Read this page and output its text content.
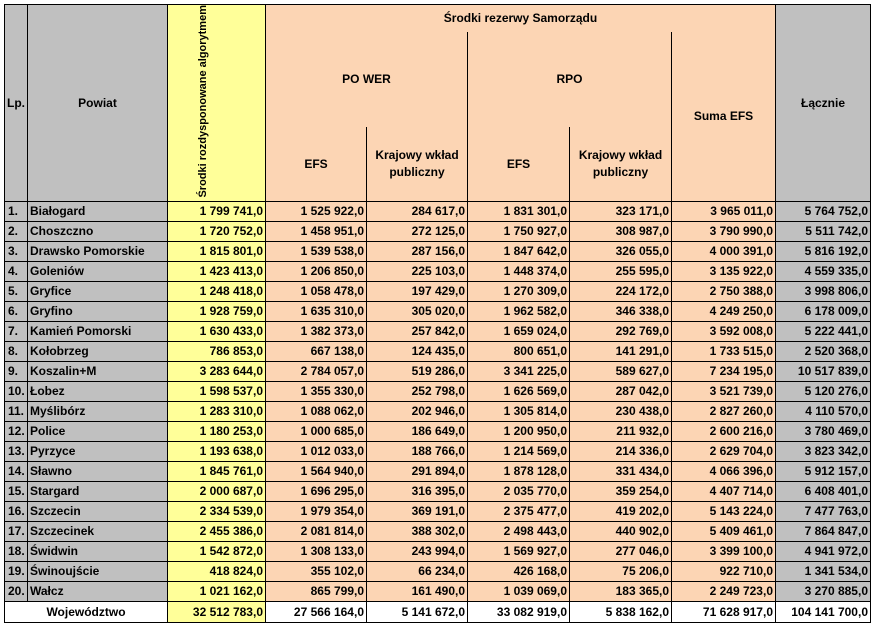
Lp.	Powiat	Środki rozdysponowane algorytmem	Środki rezerwy Samorządu					Łącznie
			PO WER		RPO		Suma EFS	
			EFS	Krajowy wkład publiczny	EFS	Krajowy wkład publiczny		
1.	Białogard	1 799 741,0	1 525 922,0	284 617,0	1 831 301,0	323 171,0	3 965 011,0	5 764 752,0
2.	Choszczno	1 720 752,0	1 458 951,0	272 125,0	1 750 927,0	308 987,0	3 790 990,0	5 511 742,0
3.	Drawsko Pomorskie	1 815 801,0	1 539 538,0	287 156,0	1 847 642,0	326 055,0	4 000 391,0	5 816 192,0
4.	Goleniów	1 423 413,0	1 206 850,0	225 103,0	1 448 374,0	255 595,0	3 135 922,0	4 559 335,0
5.	Gryfice	1 248 418,0	1 058 478,0	197 429,0	1 270 309,0	224 172,0	2 750 388,0	3 998 806,0
6.	Gryfino	1 928 759,0	1 635 310,0	305 020,0	1 962 582,0	346 338,0	4 249 250,0	6 178 009,0
7.	Kamień Pomorski	1 630 433,0	1 382 373,0	257 842,0	1 659 024,0	292 769,0	3 592 008,0	5 222 441,0
8.	Kołobrzeg	786 853,0	667 138,0	124 435,0	800 651,0	141 291,0	1 733 515,0	2 520 368,0
9.	Koszalin+M	3 283 644,0	2 784 057,0	519 286,0	3 341 225,0	589 627,0	7 234 195,0	10 517 839,0
10.	Łobez	1 598 537,0	1 355 330,0	252 798,0	1 626 569,0	287 042,0	3 521 739,0	5 120 276,0
11.	Myślibórz	1 283 310,0	1 088 062,0	202 946,0	1 305 814,0	230 438,0	2 827 260,0	4 110 570,0
12.	Police	1 180 253,0	1 000 685,0	186 649,0	1 200 950,0	211 932,0	2 600 216,0	3 780 469,0
13.	Pyrzyce	1 193 638,0	1 012 033,0	188 766,0	1 214 569,0	214 336,0	2 629 704,0	3 823 342,0
14.	Sławno	1 845 761,0	1 564 940,0	291 894,0	1 878 128,0	331 434,0	4 066 396,0	5 912 157,0
15.	Stargard	2 000 687,0	1 696 295,0	316 395,0	2 035 770,0	359 254,0	4 407 714,0	6 408 401,0
16.	Szczecin	2 334 539,0	1 979 354,0	369 191,0	2 375 477,0	419 202,0	5 143 224,0	7 477 763,0
17.	Szczecinek	2 455 386,0	2 081 814,0	388 302,0	2 498 443,0	440 902,0	5 409 461,0	7 864 847,0
18.	Świdwin	1 542 872,0	1 308 133,0	243 994,0	1 569 927,0	277 046,0	3 399 100,0	4 941 972,0
19.	Świnoujście	418 824,0	355 102,0	66 234,0	426 168,0	75 206,0	922 710,0	1 341 534,0
20.	Wałcz	1 021 162,0	865 799,0	161 490,0	1 039 069,0	183 365,0	2 249 723,0	3 270 885,0
Województwo		32 512 783,0	27 566 164,0	5 141 672,0	33 082 919,0	5 838 162,0	71 628 917,0	104 141 700,0
